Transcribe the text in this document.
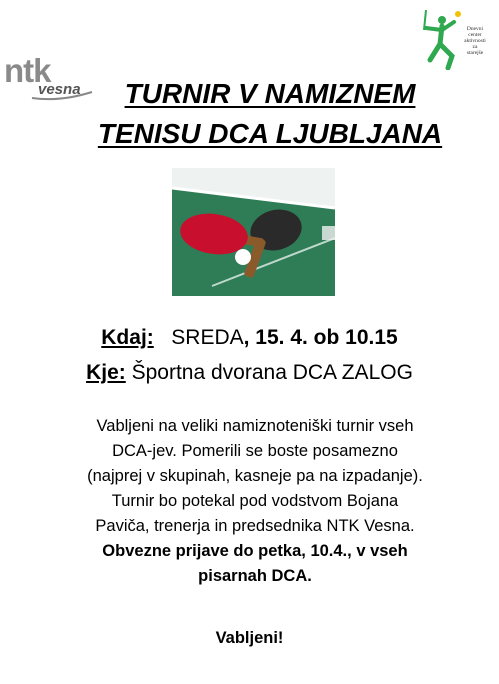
ntk
vesna
Dnevni
center
aktivnosti
za
starejše
TURNIR V NAMIZNEM
TENISU DCA LJUBLJANA
Kdaj: SREDA, 15. 4. ob 10.15
Kje: Športna dvorana DCA ZALOG
Vabljeni na veliki namiznoteniški turnir vseh
DCA-jev. Pomerili se boste posamezno
(najprej v skupinah, kasneje pa na izpadanje).
Turnir bo potekal pod vodstvom Bojana
Paviča, trenerja in predsednika NTK Vesna.
Obvezne prijave do petka, 10.4., v vseh
pisarnah DCA.
Vabljeni!
